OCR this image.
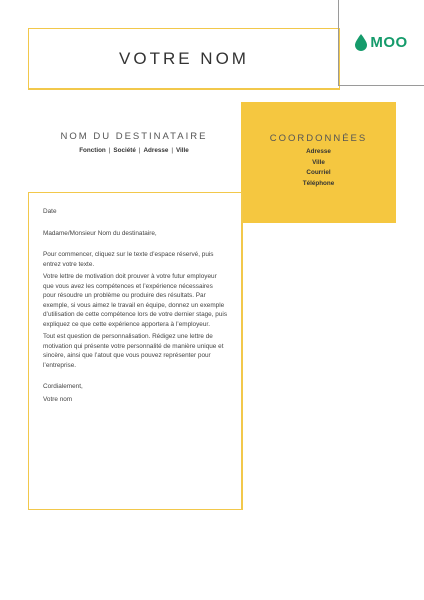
VOTRE NOM
MOO
NOM DU DESTINATAIRE
Fonction | Société | Adresse | Ville
COORDONNÉES
Adresse
Ville
Courriel
Téléphone

Date

Madame/Monsieur Nom du destinataire,

Pour commencer, cliquez sur le texte d’espace réservé, puis entrez votre texte.

Votre lettre de motivation doit prouver à votre futur employeur que vous avez les compétences et l’expérience nécessaires pour résoudre un problème ou produire des résultats. Par exemple, si vous aimez le travail en équipe, donnez un exemple d’utilisation de cette compétence lors de votre dernier stage, puis expliquez ce que cette expérience apportera à l’employeur.

Tout est question de personnalisation. Rédigez une lettre de motivation qui présente votre personnalité de manière unique et sincère, ainsi que l’atout que vous pouvez représenter pour l’entreprise.

Cordialement,

Votre nom
